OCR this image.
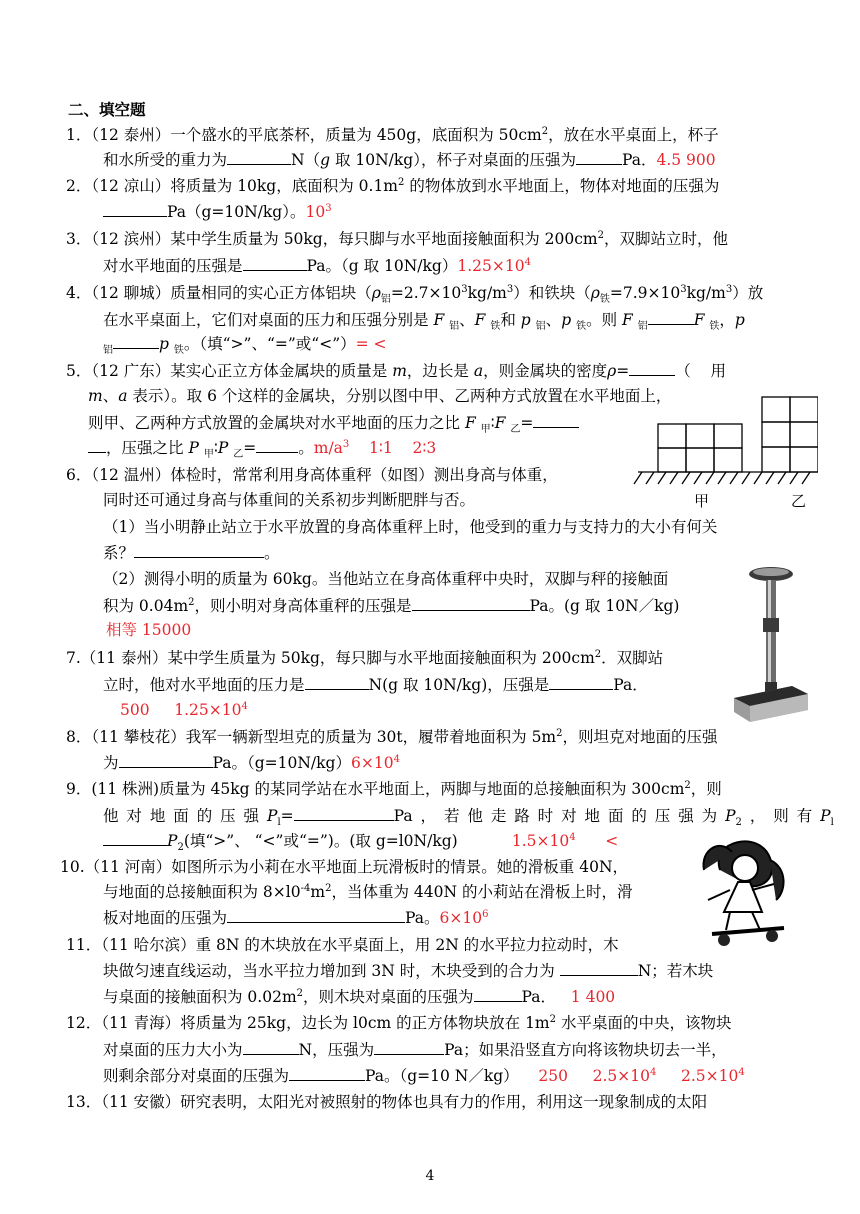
二、填空题
1．（12 泰州）一个盛水的平底茶杯，质量为 450g，底面积为 $50cm^2$，放在水平桌面上，杯子
和水所受的重力为	N（g 取 10N/kg），杯子对桌面的压强为	Pa．4.5 900
2．（12 凉山）将质量为 10kg，底面积为 $0.1m^2$ 的物体放到水平地面上，物体对地面的压强为
Pa（g=10N/kg）。$10^3$
3．（12 滨州）某中学生质量为 50kg，每只脚与水平地面接触面积为 $200cm^2$，双脚站立时，他
对水平地面的压强是	Pa。（g 取 $10N/kg)1.25\times 10^4$
4．（12 聊城）质量相同的实心正方体铝块$(\rho_铝=2.7\times 10^3kg/m^3)$和铁块$(\rho_铁=7.9\times 10^3kg/m^3)$放
在水平桌面上，它们对桌面的压力和压强分别是 F $_铝$、F $_铁$和 p $_铝$、p $_铁$。则 F $_铝$	F $_铁$，p
$_铝$	p $_铁$。（填“>”、“=”或“<”）= <
5．（12 广东）某实心正立方体金属块的质量是 m，边长是 a，则金属块的密度ρ=	（    用
m、a 表示）。取 6 个这样的金属块，分别以图中甲、乙两种方式放置在水平地面上，
则甲、乙两种方式放置的金属块对水平地面的压力之比 F $_甲$∶F $_乙$=
，压强之比 P $_甲$∶P $_乙$=	。$m/a^3$ 1∶1 2∶3
甲	乙
6．（12 温州）体检时，常常利用身高体重秤（如图）测出身高与体重，
同时还可通过身高与体重间的关系初步判断肥胖与否。
（1）当小明静止站立于水平放置的身高体重秤上时，他受到的重力与支持力的大小有何关
系？	。
（2）测得小明的质量为 60kg。当他站立在身高体重秤中央时，双脚与秤的接触面
积为 $0.04m^2$，则小明对身高体重秤的压强是	Pa。(g 取 10N／kg)
相等 15000
7.（11 泰州）某中学生质量为 50kg，每只脚与水平地面接触面积为 $200cm^2$．双脚站
立时，他对水平地面的压力是	N(g 取 10N/kg)，压强是	Pa．
500 $1.25\times 10^4$
8．（11 攀枝花）我军一辆新型坦克的质量为 30t，履带着地面积为 $5m^2$，则坦克对地面的压强
为	Pa。$(g=10N/kg)6\times 10^4$
9．(11 株洲)质量为 45kg 的某同学站在水平地面上，两脚与地面的总接触面积为 $300cm^2$，则
他 对 地 面 的 压 强 $P_l=$	Pa ， 若 他 走 路 时 对 地 面 的 压 强 为 $P_2$ ， 则 有 $P_l$
$P_2$(填“>”、 “<”或“=”)。(取 g=l0N/kg)           $1.5\times 10^4$ <
10.（11 河南）如图所示为小莉在水平地面上玩滑板时的情景。她的滑板重 40N，
与地面的总接触面积为 $8\times l0^{-4}m^2$，当体重为 440N 的小莉站在滑板上时，滑
板对地面的压强为	Pa。$6\times 10^6$
11．（11 哈尔滨）重 8N 的木块放在水平桌面上，用 2N 的水平拉力拉动时，木
块做匀速直线运动，当水平拉力增加到 3N 时，木块受到的合力为	N；若木块
与桌面的接触面积为 $0.02m^2$，则木块对桌面的压强为	Pa．   1 400
12．（11 青海）将质量为 25kg，边长为 l0cm 的正方体物块放在 $1m^2$ 水平桌面的中央，该物块
对桌面的压力大小为	N，压强为	Pa；如果沿竖直方向将该物块切去一半，
则剩余部分对桌面的压强为	Pa。（g=10 N／kg）    250 $2.5\times 10^4$ $2.5\times 10^4$
13．（11 安徽）研究表明，太阳光对被照射的物体也具有力的作用，利用这一现象制成的太阳
4
